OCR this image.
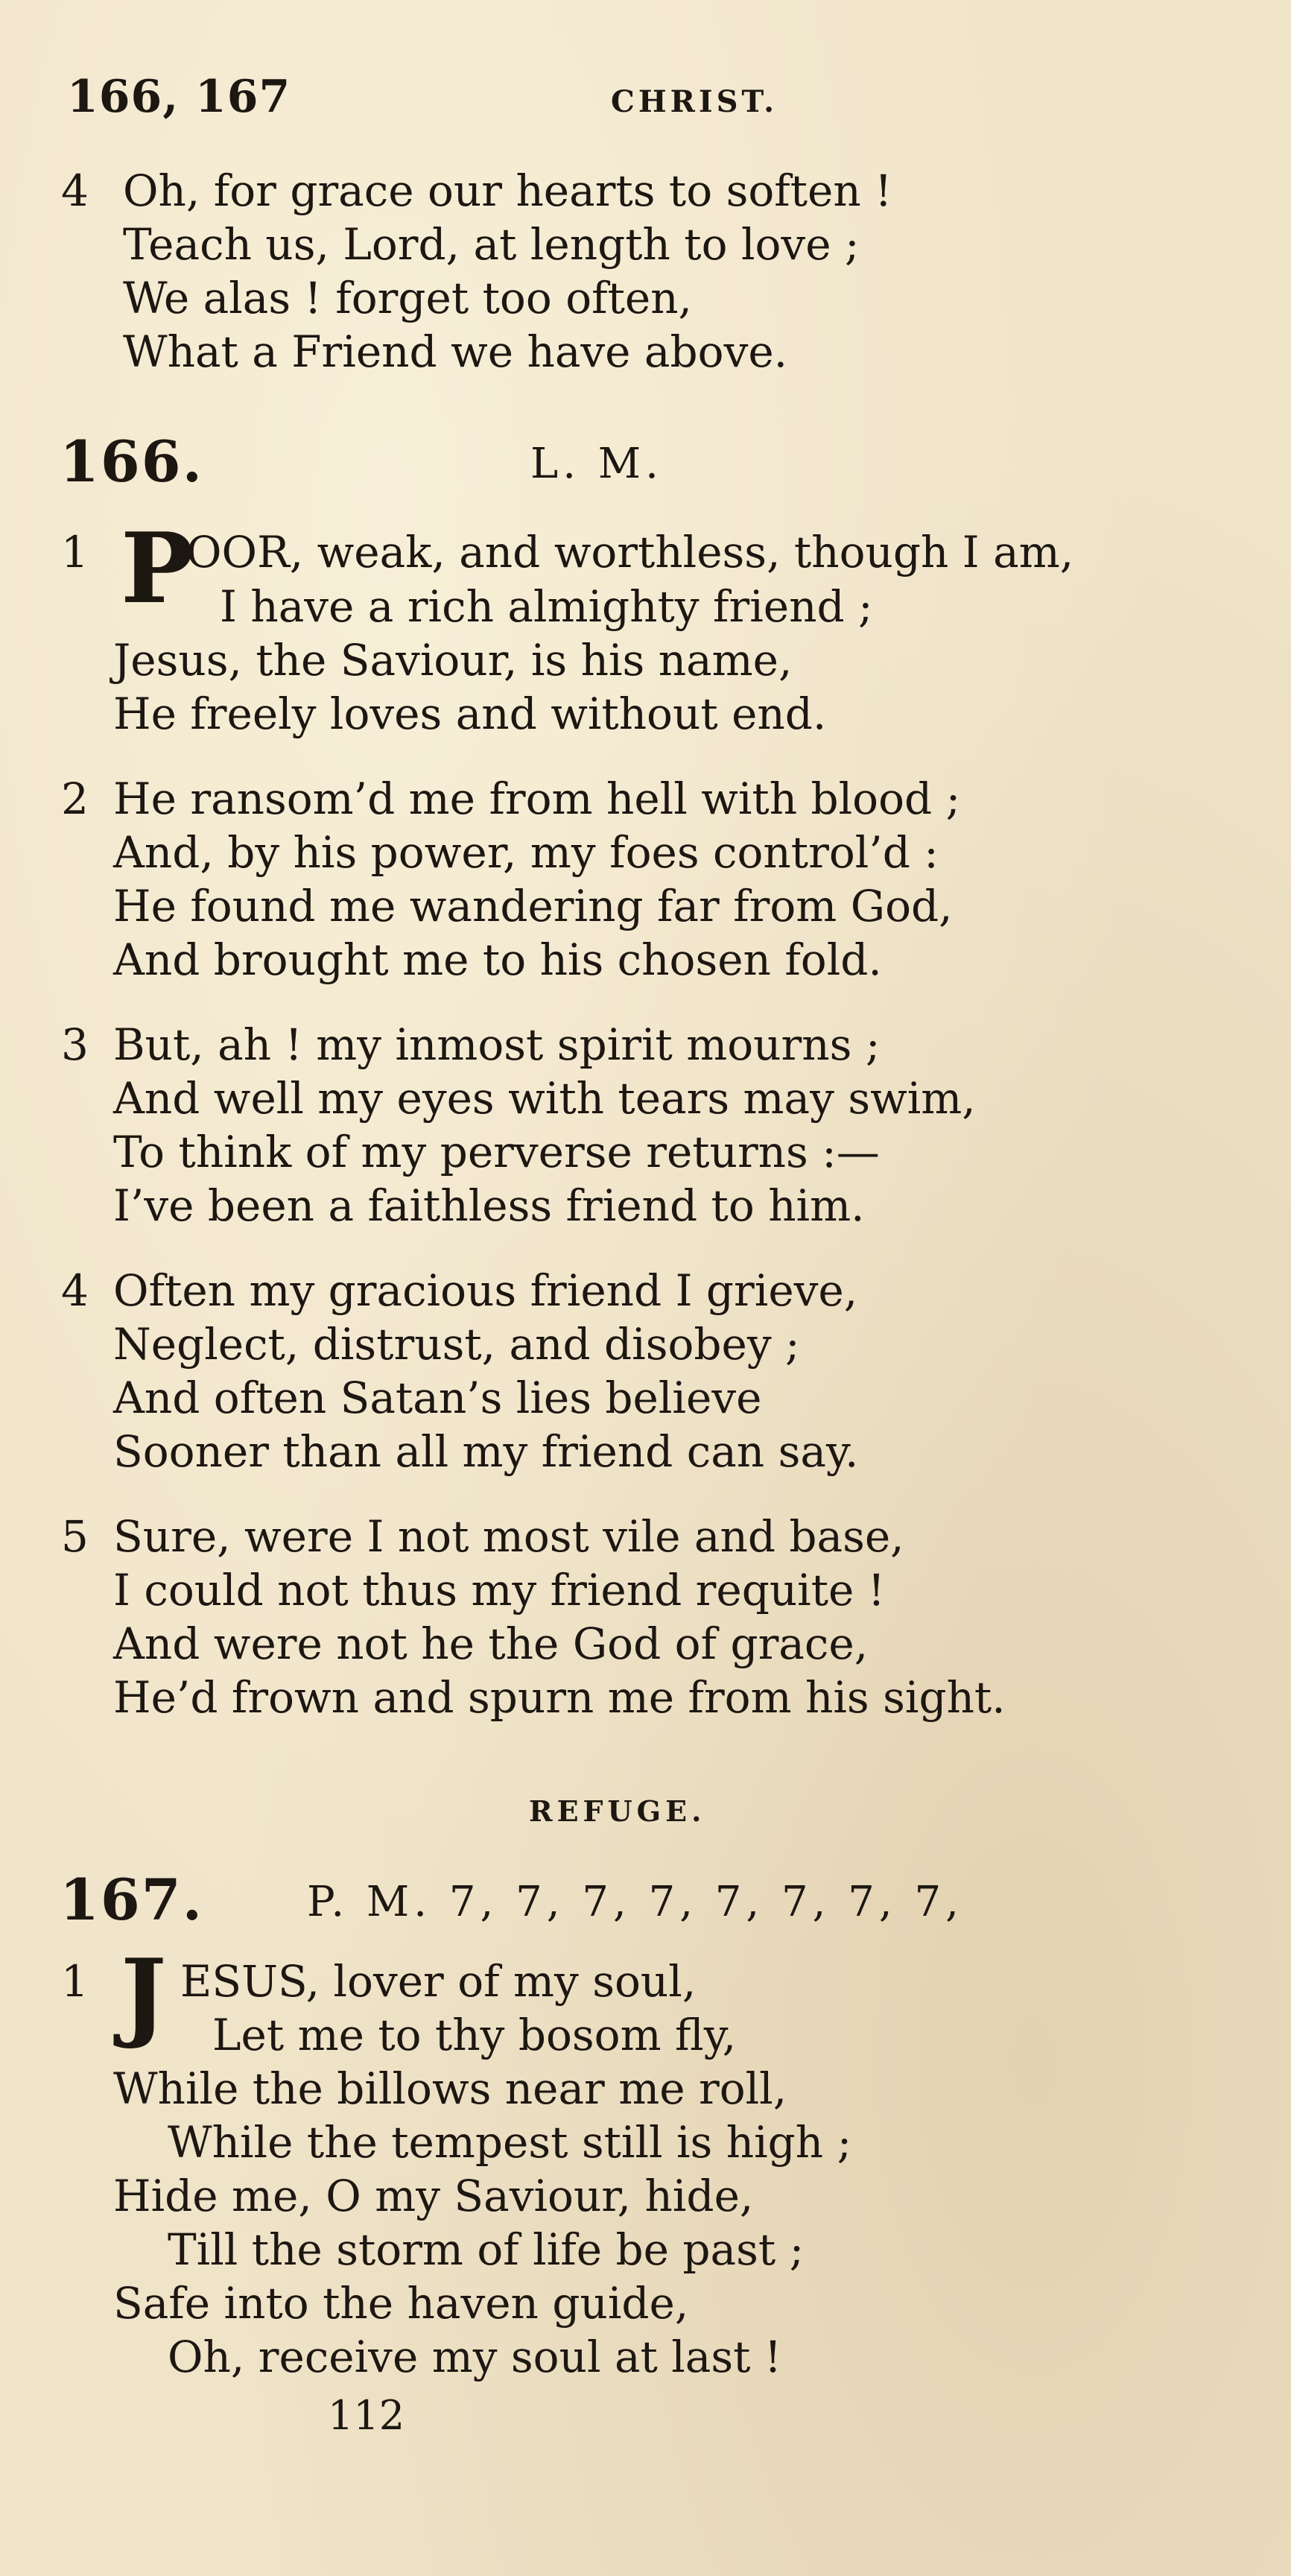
166, 167	CHRIST.
4 Oh, for grace our hearts to soften !
Teach us, Lord, at length to love ;
We alas ! forget too often,
What a Friend we have above.
166.	L. M.
1 P
OOR, weak, and worthless, though I am,
I have a rich almighty friend ;
Jesus, the Saviour, is his name,
He freely loves and without end.
2 He ransom’d me from hell with blood ;
And, by his power, my foes control’d :
He found me wandering far from God,
And brought me to his chosen fold.
3 But, ah ! my inmost spirit mourns ;
And well my eyes with tears may swim,
To think of my perverse returns :—
I’ve been a faithless friend to him.
4 Often my gracious friend I grieve,
Neglect, distrust, and disobey ;
And often Satan’s lies believe
Sooner than all my friend can say.
5 Sure, were I not most vile and base,
I could not thus my friend requite !
And were not he the God of grace,
He’d frown and spurn me from his sight.
REFUGE.
167. P. M. 7, 7, 7, 7, 7, 7, 7, 7,
1 J ESUS, lover of my soul,
Let me to thy bosom fly,
While the billows near me roll,
While the tempest still is high ;
Hide me, O my Saviour, hide,
Till the storm of life be past ;
Safe into the haven guide,
Oh, receive my soul at last !
112
